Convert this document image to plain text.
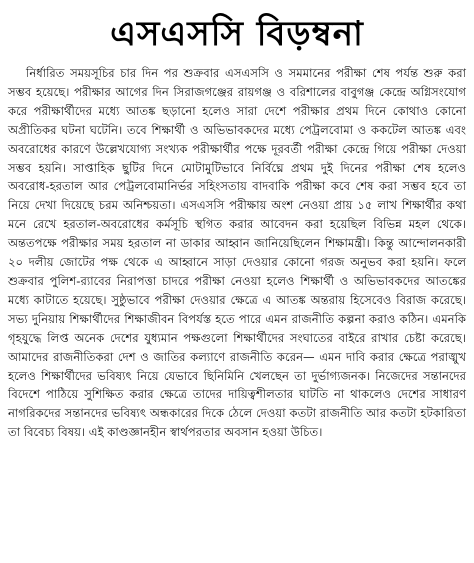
এসএসসি বিড়ম্বনা

নির্ধারিত সময়সূচির চার দিন পর শুক্রবার এসএসসি ও সমমানের পরীক্ষা শেষ পর্যন্ত শুরু করা সম্ভব হয়েছে। পরীক্ষার আগের দিন সিরাজগঞ্জের রায়গঞ্জ ও বরিশালের বাবুগঞ্জ কেন্দ্রে অগ্নিসংযোগ করে পরীক্ষার্থীদের মধ্যে আতঙ্ক ছড়ানো হলেও সারা দেশে পরীক্ষার প্রথম দিনে কোথাও কোনো অপ্রীতিকর ঘটনা ঘটেনি। তবে শিক্ষার্থী ও অভিভাবকদের মধ্যে পেট্রলবোমা ও ককটেল আতঙ্ক এবং অবরোধের কারণে উল্লেখযোগ্য সংখ্যক পরীক্ষার্থীর পক্ষে দূরবর্তী পরীক্ষা কেন্দ্রে গিয়ে পরীক্ষা দেওয়া সম্ভব হয়নি। সাপ্তাহিক ছুটির দিনে মোটামুটিভাবে নির্বিঘ্নে প্রথম দুই দিনের পরীক্ষা শেষ হলেও অবরোধ-হরতাল আর পেট্রলবোমানির্ভর সহিংসতায় বাদবাকি পরীক্ষা কবে শেষ করা সম্ভব হবে তা নিয়ে দেখা দিয়েছে চরম অনিশ্চয়তা। এসএসসি পরীক্ষায় অংশ নেওয়া প্রায় ১৫ লাখ শিক্ষার্থীর কথা মনে রেখে হরতাল-অবরোধের কর্মসূচি স্থগিত করার আবেদন করা হয়েছিল বিভিন্ন মহল থেকে। অন্ততপক্ষে পরীক্ষার সময় হরতাল না ডাকার আহ্বান জানিয়েছিলেন শিক্ষামন্ত্রী। কিন্তু আন্দোলনকারী ২০ দলীয় জোটের পক্ষ থেকে এ আহ্বানে সাড়া দেওয়ার কোনো গরজ অনুভব করা হয়নি। ফলে শুক্রবার পুলিশ-র‍্যাবের নিরাপত্তা চাদরে পরীক্ষা নেওয়া হলেও শিক্ষার্থী ও অভিভাবকদের আতঙ্কের মধ্যে কাটাতে হয়েছে। সুষ্ঠুভাবে পরীক্ষা দেওয়ার ক্ষেত্রে এ আতঙ্ক অন্তরায় হিসেবেও বিরাজ করেছে। সভ্য দুনিয়ায় শিক্ষার্থীদের শিক্ষাজীবন বিপর্যস্ত হতে পারে এমন রাজনীতি কল্পনা করাও কঠিন। এমনকি গৃহযুদ্ধে লিপ্ত অনেক দেশের যুধ্যমান পক্ষগুলো শিক্ষার্থীদের সংঘাতের বাইরে রাখার চেষ্টা করেছে। আমাদের রাজনীতিকরা দেশ ও জাতির কল্যাণে রাজনীতি করেন— এমন দাবি করার ক্ষেত্রে পরাঙ্মুখ হলেও শিক্ষার্থীদের ভবিষ্যৎ নিয়ে যেভাবে ছিনিমিনি খেলছেন তা দুর্ভাগ্যজনক। নিজেদের সন্তানদের বিদেশে পাঠিয়ে সুশিক্ষিত করার ক্ষেত্রে তাদের দায়িত্বশীলতার ঘাটতি না থাকলেও দেশের সাধারণ নাগরিকদের সন্তানদের ভবিষ্যৎ অন্ধকারের দিকে ঠেলে দেওয়া কতটা রাজনীতি আর কতটা হটকারিতা তা বিবেচ্য বিষয়। এই কাণ্ডজ্ঞানহীন স্বার্থপরতার অবসান হওয়া উচিত।
